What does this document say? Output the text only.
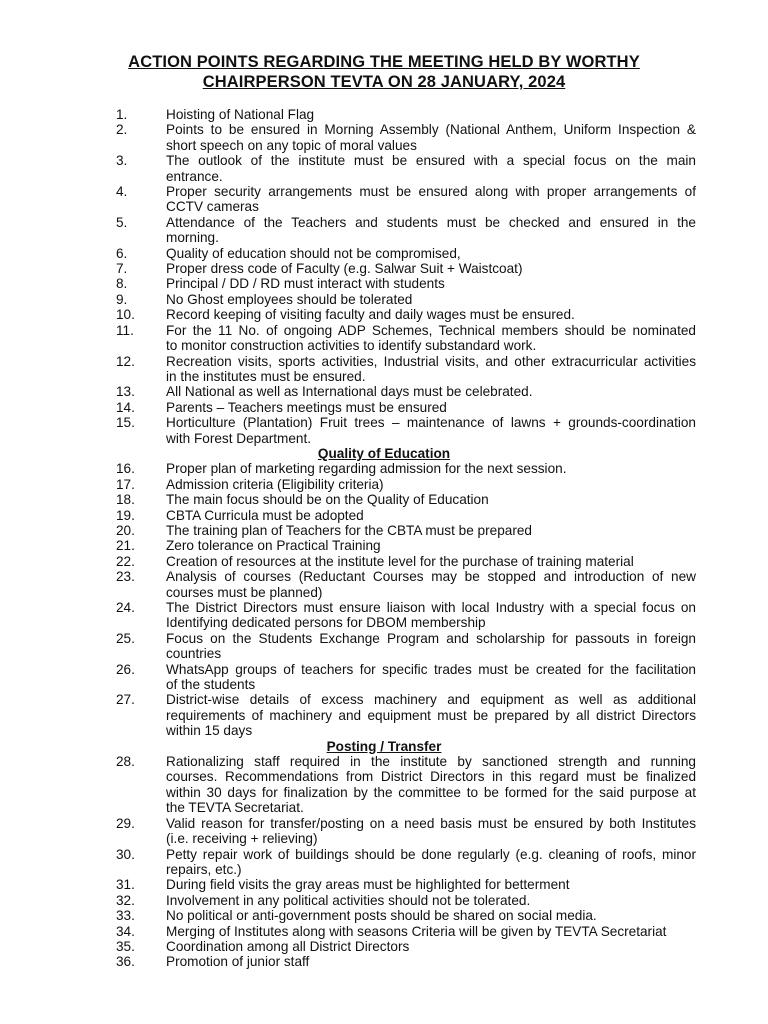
ACTION POINTS REGARDING THE MEETING HELD BY WORTHY
CHAIRPERSON TEVTA ON 28 JANUARY, 2024
1.	Hoisting of National Flag
2.	Points to be ensured in Morning Assembly (National Anthem, Uniform Inspection &
short speech on any topic of moral values
3.	The outlook of the institute must be ensured with a special focus on the main
entrance.
4.	Proper security arrangements must be ensured along with proper arrangements of
CCTV cameras
5.	Attendance of the Teachers and students must be checked and ensured in the
morning.
6.	Quality of education should not be compromised,
7.	Proper dress code of Faculty (e.g. Salwar Suit + Waistcoat)
8.	Principal / DD / RD must interact with students
9.	No Ghost employees should be tolerated
10.	Record keeping of visiting faculty and daily wages must be ensured.
11.	For the 11 No. of ongoing ADP Schemes, Technical members should be nominated
to monitor construction activities to identify substandard work.
12.	Recreation visits, sports activities, Industrial visits, and other extracurricular activities
in the institutes must be ensured.
13.	All National as well as International days must be celebrated.
14.	Parents – Teachers meetings must be ensured
15.	Horticulture (Plantation) Fruit trees – maintenance of lawns + grounds-coordination
with Forest Department.
Quality of Education
16.	Proper plan of marketing regarding admission for the next session.
17.	Admission criteria (Eligibility criteria)
18.	The main focus should be on the Quality of Education
19.	CBTA Curricula must be adopted
20.	The training plan of Teachers for the CBTA must be prepared
21.	Zero tolerance on Practical Training
22.	Creation of resources at the institute level for the purchase of training material
23.	Analysis of courses (Reductant Courses may be stopped and introduction of new
courses must be planned)
24.	The District Directors must ensure liaison with local Industry with a special focus on
Identifying dedicated persons for DBOM membership
25.	Focus on the Students Exchange Program and scholarship for passouts in foreign
countries
26.	WhatsApp groups of teachers for specific trades must be created for the facilitation
of the students
27.	District-wise details of excess machinery and equipment as well as additional
requirements of machinery and equipment must be prepared by all district Directors
within 15 days
Posting / Transfer
28.	Rationalizing staff required in the institute by sanctioned strength and running
courses. Recommendations from District Directors in this regard must be finalized
within 30 days for finalization by the committee to be formed for the said purpose at
the TEVTA Secretariat.
29.	Valid reason for transfer/posting on a need basis must be ensured by both Institutes
(i.e. receiving + relieving)
30.	Petty repair work of buildings should be done regularly (e.g. cleaning of roofs, minor
repairs, etc.)
31.	During field visits the gray areas must be highlighted for betterment
32.	Involvement in any political activities should not be tolerated.
33.	No political or anti-government posts should be shared on social media.
34.	Merging of Institutes along with seasons Criteria will be given by TEVTA Secretariat
35.	Coordination among all District Directors
36.	Promotion of junior staff
